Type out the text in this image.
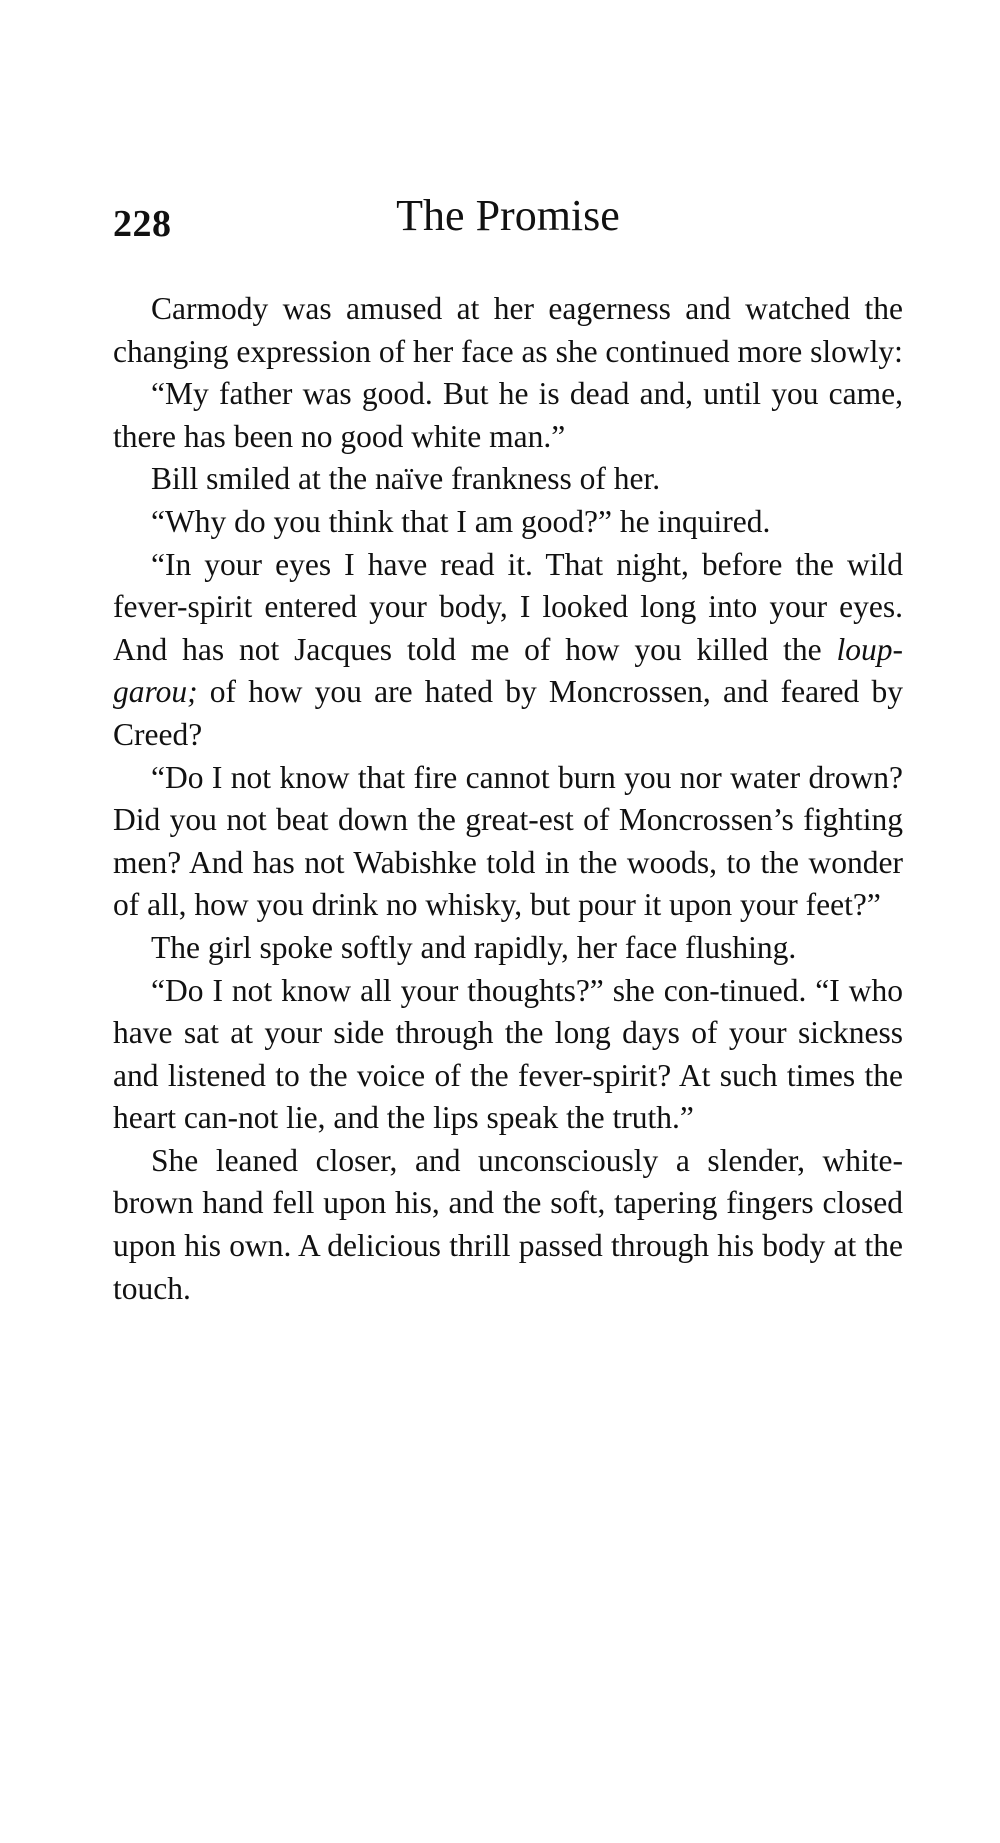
228	The Promise

Carmody was amused at her eagerness and watched the changing expression of her face as she continued more slowly:

“My father was good. But he is dead and, until you came, there has been no good white man.”

Bill smiled at the naïve frankness of her.

“Why do you think that I am good?” he inquired.

“In your eyes I have read it. That night, before the wild fever-spirit entered your body, I looked long into your eyes. And has not Jacques told me of how you killed the loup-garou; of how you are hated by Moncrossen, and feared by Creed?

“Do I not know that fire cannot burn you nor water drown? Did you not beat down the great-est of Moncrossen’s fighting men? And has not Wabishke told in the woods, to the wonder of all, how you drink no whisky, but pour it upon your feet?”

The girl spoke softly and rapidly, her face flushing.

“Do I not know all your thoughts?” she con-tinued. “I who have sat at your side through the long days of your sickness and listened to the voice of the fever-spirit? At such times the heart can-not lie, and the lips speak the truth.”

She leaned closer, and unconsciously a slender, white-brown hand fell upon his, and the soft, tapering fingers closed upon his own. A delicious thrill passed through his body at the touch.
